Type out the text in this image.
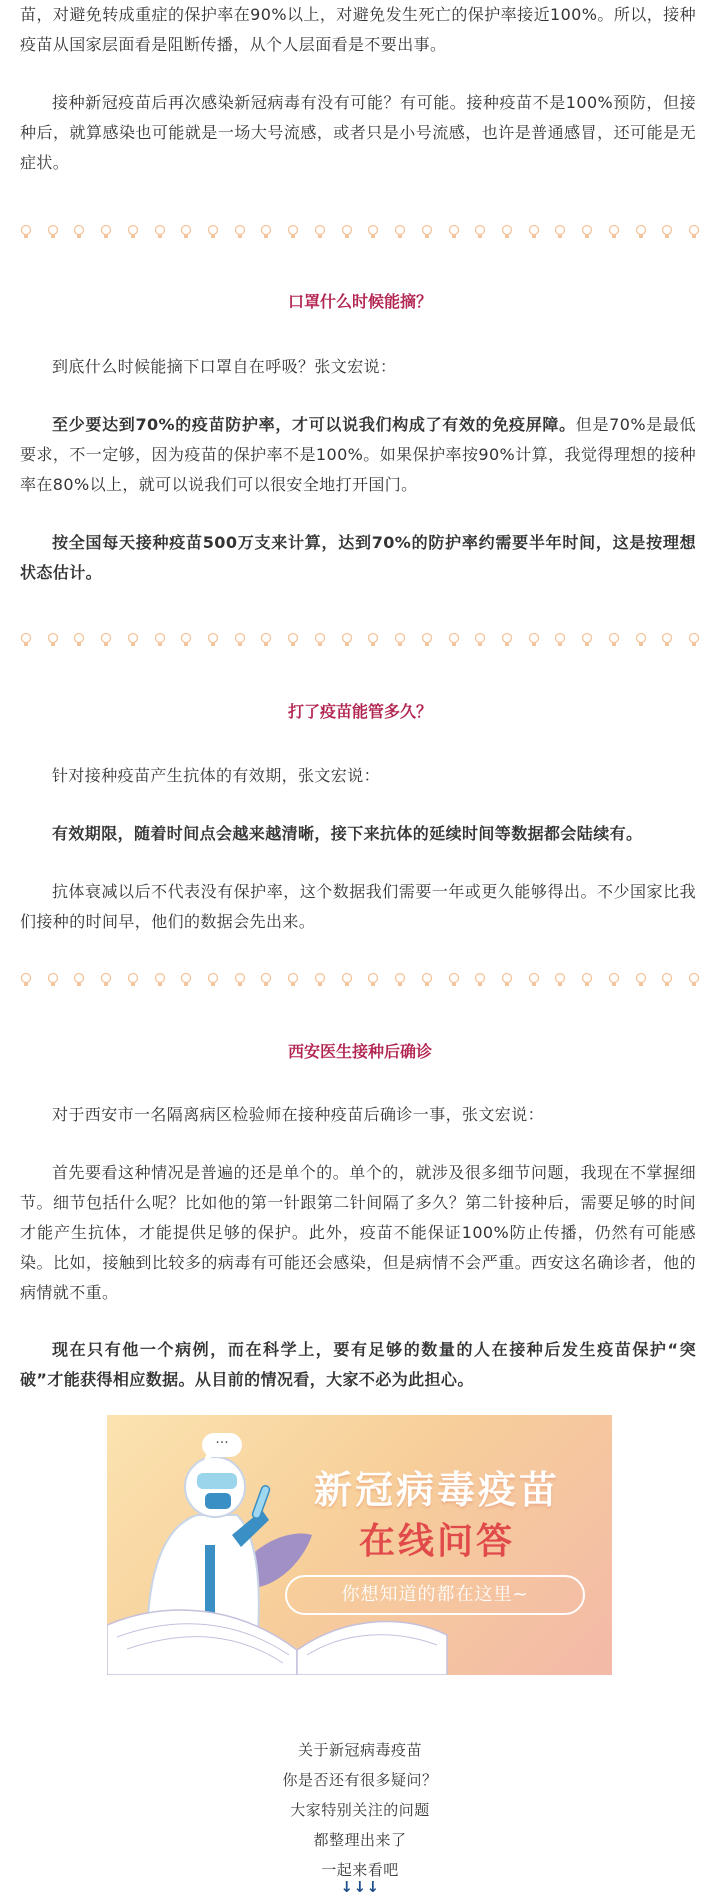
苗，对避免转成重症的保护率在90%以上，对避免发生死亡的保护率接近100%。所以，接种疫苗从国家层面看是阻断传播，从个人层面看是不要出事。

接种新冠疫苗后再次感染新冠病毒有没有可能？有可能。接种疫苗不是100%预防，但接种后，就算感染也可能就是一场大号流感，或者只是小号流感，也许是普通感冒，还可能是无症状。

口罩什么时候能摘？

到底什么时候能摘下口罩自在呼吸？张文宏说：

至少要达到70%的疫苗防护率，才可以说我们构成了有效的免疫屏障。但是70%是最低要求，不一定够，因为疫苗的保护率不是100%。如果保护率按90%计算，我觉得理想的接种率在80%以上，就可以说我们可以很安全地打开国门。

按全国每天接种疫苗500万支来计算，达到70%的防护率约需要半年时间，这是按理想状态估计。

打了疫苗能管多久？

针对接种疫苗产生抗体的有效期，张文宏说：

有效期限，随着时间点会越来越清晰，接下来抗体的延续时间等数据都会陆续有。

抗体衰减以后不代表没有保护率，这个数据我们需要一年或更久能够得出。不少国家比我们接种的时间早，他们的数据会先出来。

西安医生接种后确诊

对于西安市一名隔离病区检验师在接种疫苗后确诊一事，张文宏说：

首先要看这种情况是普遍的还是单个的。单个的，就涉及很多细节问题，我现在不掌握细节。细节包括什么呢？比如他的第一针跟第二针间隔了多久？第二针接种后，需要足够的时间才能产生抗体，才能提供足够的保护。此外，疫苗不能保证100%防止传播，仍然有可能感染。比如，接触到比较多的病毒有可能还会感染，但是病情不会严重。西安这名确诊者，他的病情就不重。

现在只有他一个病例，而在科学上，要有足够的数量的人在接种后发生疫苗保护“突破”才能获得相应数据。从目前的情况看，大家不必为此担心。

···
新冠病毒疫苗
在线问答
你想知道的都在这里~
关于新冠病毒疫苗
你是否还有很多疑问？
大家特别关注的问题
都整理出来了
一起来看吧
↓↓↓
